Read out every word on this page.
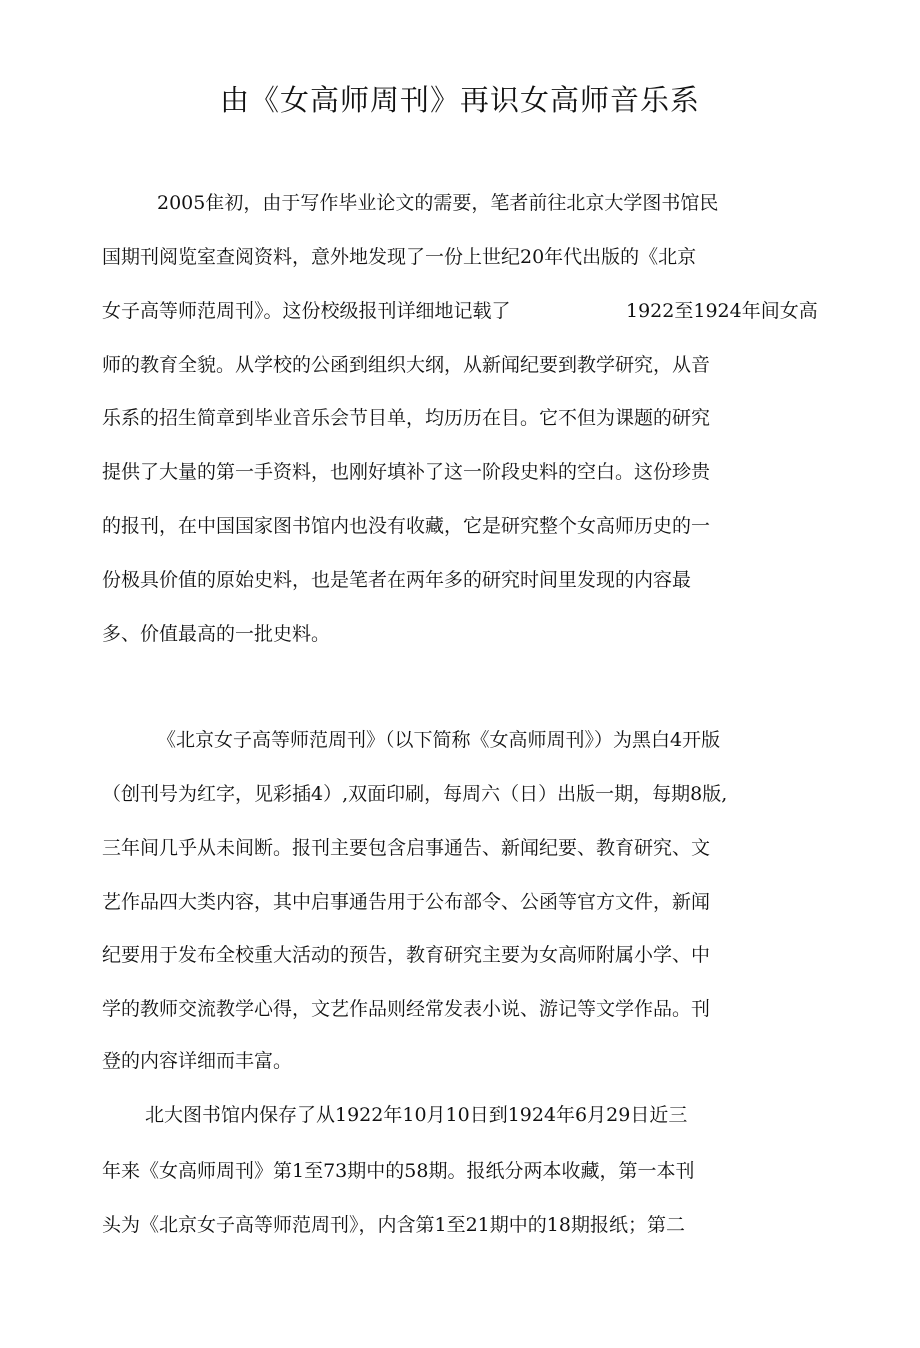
由《女高师周刊》再识女高师音乐系
2005隹初，由于写作毕业论文的需要，笔者前往北京大学图书馆民
国期刊阅览室查阅资料，意外地发现了一份上世纪20年代出版的《北京
女子高等师范周刊》。这份校级报刊详细地记载了	1922至1924年间女高
师的教育全貌。从学校的公函到组织大纲，从新闻纪要到教学研究，从音
乐系的招生简章到毕业音乐会节目单，均历历在目。它不但为课题的研究
提供了大量的第一手资料，也刚好填补了这一阶段史料的空白。这份珍贵
的报刊，在中国国家图书馆内也没有收藏，它是研究整个女高师历史的一
份极具价值的原始史料，也是笔者在两年多的研究时间里发现的内容最
多、价值最高的一批史料。
《北京女子高等师范周刊》（以下简称《女高师周刊》）为黑白4开版
（创刊号为红字，见彩插4）,双面印刷，每周六（日）出版一期，每期8版,
三年间几乎从未间断。报刊主要包含启事通告、新闻纪要、教育研究、文
艺作品四大类内容，其中启事通告用于公布部令、公函等官方文件，新闻
纪要用于发布全校重大活动的预告，教育研究主要为女高师附属小学、中
学的教师交流教学心得，文艺作品则经常发表小说、游记等文学作品。刊
登的内容详细而丰富。
北大图书馆内保存了从1922年10月10日到1924年6月29日近三
年来《女高师周刊》第1至73期中的58期。报纸分两本收藏，第一本刊
头为《北京女子高等师范周刊》，内含第1至21期中的18期报纸；第二
